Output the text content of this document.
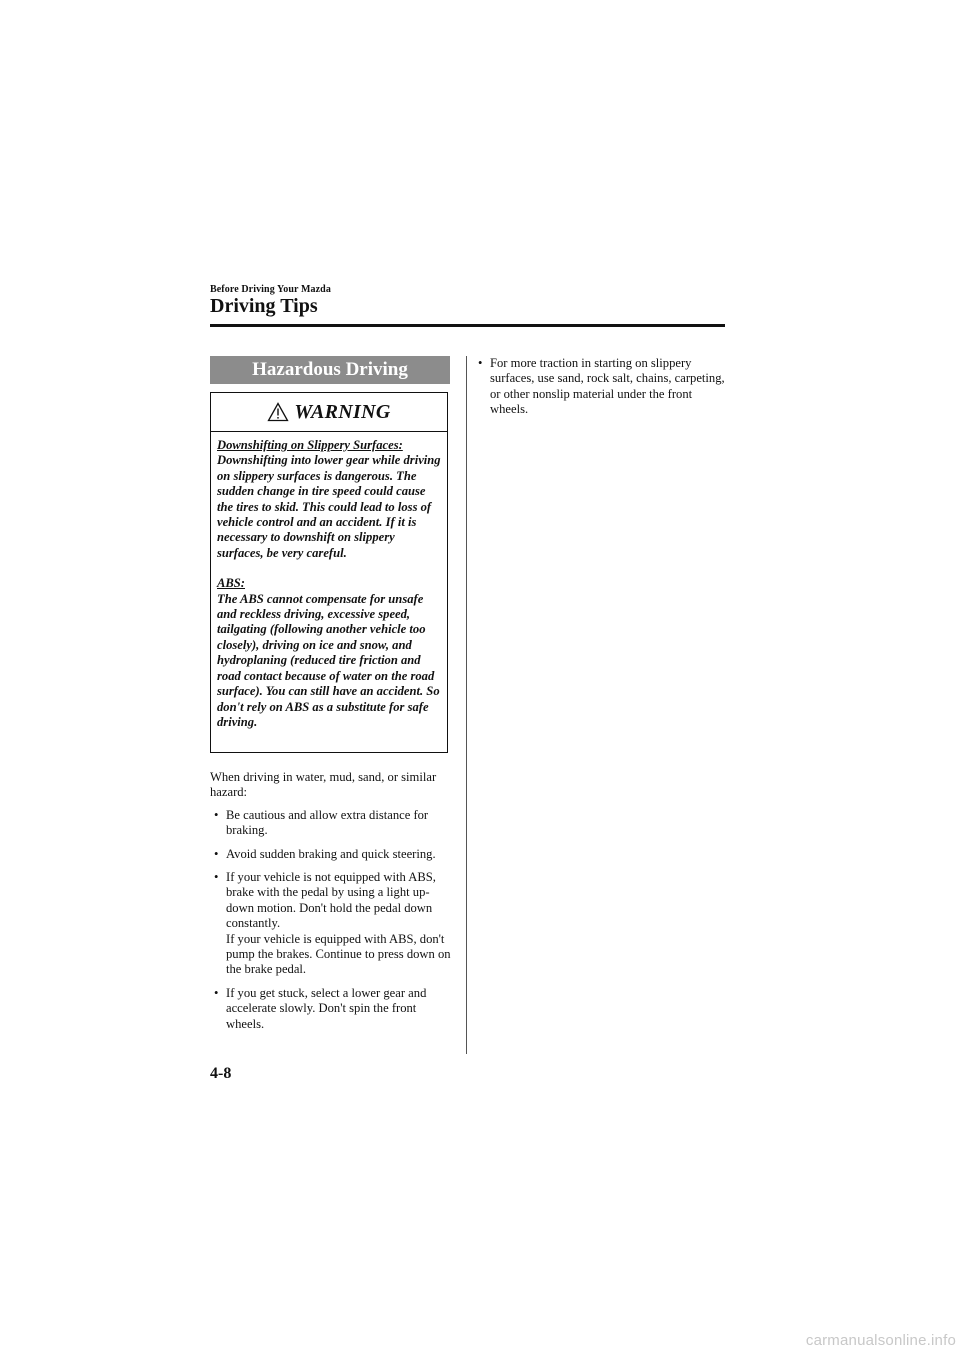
Before Driving Your Mazda
Driving Tips
Hazardous Driving
WARNING
Downshifting on Slippery Surfaces:

Downshifting into lower gear while driving on slippery surfaces is dangerous. The sudden change in tire speed could cause the tires to skid. This could lead to loss of vehicle control and an accident. If it is necessary to downshift on slippery surfaces, be very careful.

ABS:

The ABS cannot compensate for unsafe and reckless driving, excessive speed, tailgating (following another vehicle too closely), driving on ice and snow, and hydroplaning (reduced tire friction and road contact because of water on the road surface). You can still have an accident. So don't rely on ABS as a substitute for safe driving.

When driving in water, mud, sand, or similar hazard:

• Be cautious and allow extra distance for braking.
• Avoid sudden braking and quick steering.
• If your vehicle is not equipped with ABS, brake with the pedal by using a light up-down motion. Don't hold the pedal down constantly.
If your vehicle is equipped with ABS, don't pump the brakes. Continue to press down on the brake pedal.
• If you get stuck, select a lower gear and accelerate slowly. Don't spin the front wheels.
• For more traction in starting on slippery surfaces, use sand, rock salt, chains, carpeting, or other nonslip material under the front wheels.
4-8
carmanualsonline.info
